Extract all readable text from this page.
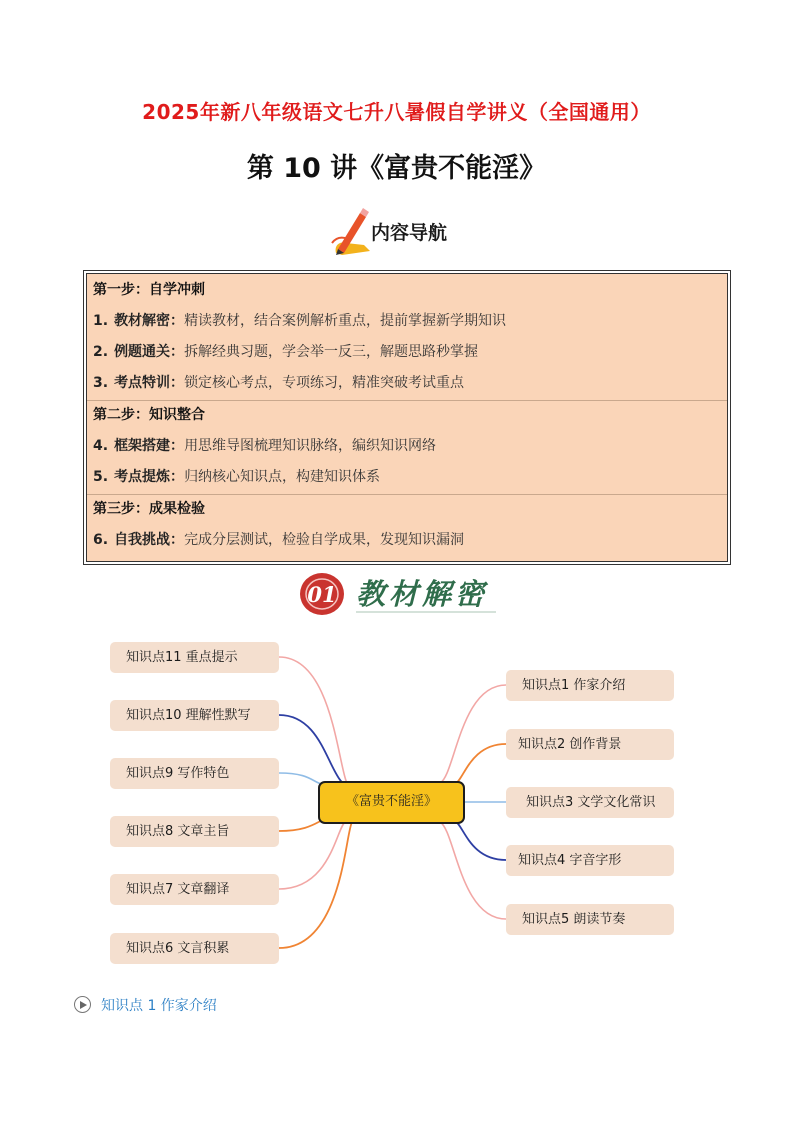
2025年新八年级语文七升八暑假自学讲义（全国通用）
第 10 讲《富贵不能淫》
内容导航
第一步：自学冲刺
1. 教材解密：精读教材，结合案例解析重点，提前掌握新学期知识
2. 例题通关：拆解经典习题，学会举一反三，解题思路秒掌握
3. 考点特训：锁定核心考点，专项练习，精准突破考试重点
第二步：知识整合
4. 框架搭建：用思维导图梳理知识脉络，编织知识网络
5. 考点提炼：归纳核心知识点，构建知识体系
第三步：成果检验
6. 自我挑战：完成分层测试，检验自学成果，发现知识漏洞
01 教材解密
知识点11 重点提示
知识点10 理解性默写
知识点9 写作特色
知识点8 文章主旨
知识点7 文章翻译
知识点6 文言积累
《富贵不能淫》
知识点1 作家介绍
知识点2 创作背景
知识点3 文学文化常识
知识点4 字音字形
知识点5 朗读节奏
知识点 1 作家介绍
